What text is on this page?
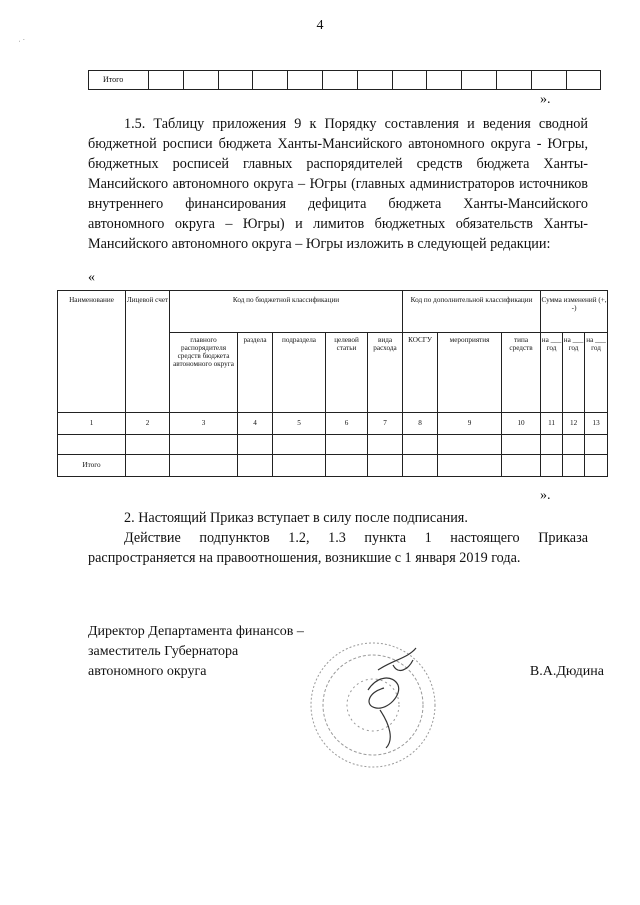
4
· ·
Итого													
».

1.5. Таблицу приложения 9 к Порядку составления и ведения сводной бюджетной росписи бюджета Ханты-Мансийского автономного округа - Югры, бюджетных росписей главных распорядителей средств бюджета Ханты-Мансийского автономного округа – Югры (главных администраторов источников внутреннего финансирования дефицита бюджета Ханты-Мансийского автономного округа – Югры) и лимитов бюджетных обязательств Ханты-Мансийского автономного округа – Югры изложить в следующей редакции:

«
Наименование	Лицевой счет	Код по бюджетной классификации					Код по дополнительной классификации			Сумма изменений (+, -)		
		главного распорядителя средств бюджета автономного округа	раздела	подраздела	целевой статьи	вида расхода	КОСГУ	мероприятия	типа средств	на ___ год	на ___ год	на ___ год
1	2	3	4	5	6	7	8	9	10	11	12	13

Итого												
».

2. Настоящий Приказ вступает в силу после подписания.

Действие подпунктов 1.2, 1.3 пункта 1 настоящего Приказа распространяется на правоотношения, возникшие с 1 января 2019 года.

Директор Департамента финансов –
заместитель Губернатора
автономного округа	В.А.Дюдина
